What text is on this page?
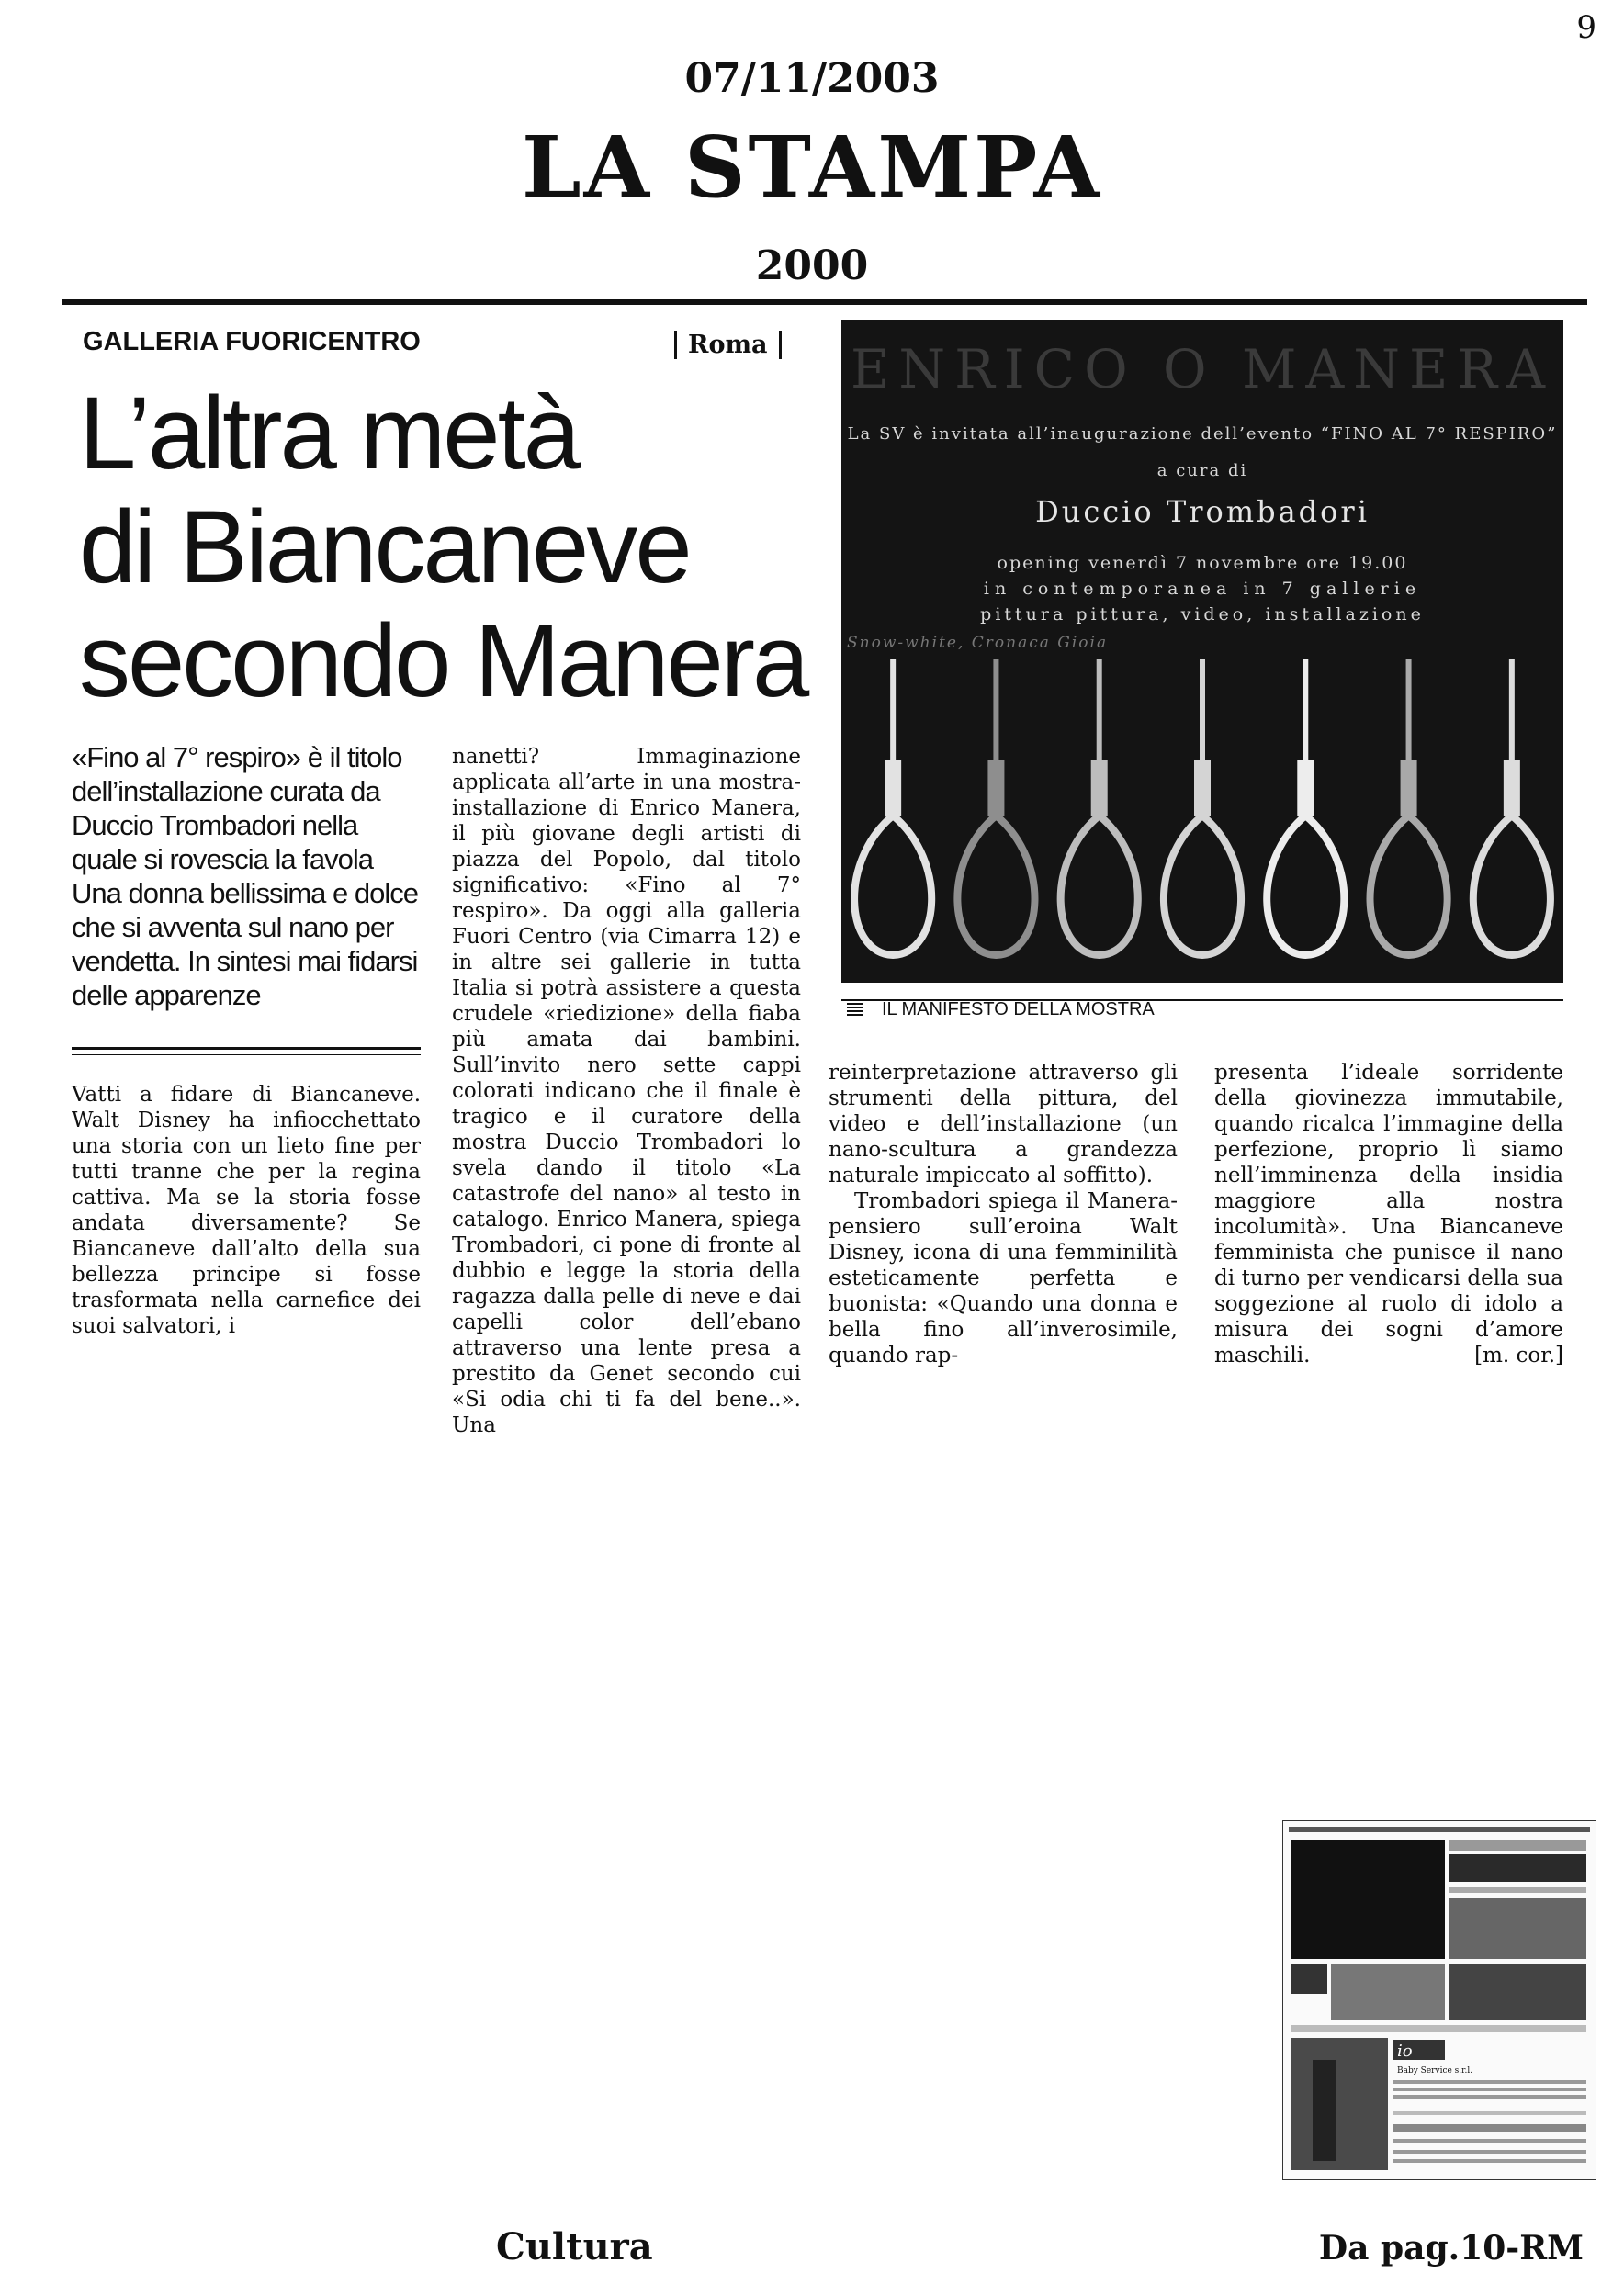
9
07/11/2003
LA STAMPA
2000
GALLERIA FUORICENTRO	Roma
L’altra metà
di Biancaneve
secondo Manera
«Fino al 7° respiro» è il titolo dell’installazione curata da Duccio Trombadori nella quale si rovescia la favola Una donna bellissima e dolce che si avventa sul nano per vendetta. In sintesi mai fidarsi delle apparenze

Vatti a fidare di Biancaneve. Walt Disney ha infiocchettato una storia con un lieto fine per tutti tranne che per la regina cattiva. Ma se la storia fosse andata diversamente? Se Biancaneve dall’alto della sua bellezza principe si fosse trasformata nella carnefice dei suoi salvatori, i

nanetti? Immaginazione applicata all’arte in una mostra-installazione di Enrico Manera, il più giovane degli artisti di piazza del Popolo, dal titolo significativo: «Fino al 7° respiro». Da oggi alla galleria Fuori Centro (via Cimarra 12) e in altre sei gallerie in tutta Italia si potrà assistere a questa crudele «riedizione» della fiaba più amata dai bambini. Sull’invito nero sette cappi colorati indicano che il finale è tragico e il curatore della mostra Duccio Trombadori lo svela dando il titolo «La catastrofe del nano» al testo in catalogo. Enrico Manera, spiega Trombadori, ci pone di fronte al dubbio e legge la storia della ragazza dalla pelle di neve e dai capelli color dell’ebano attraverso una lente presa a prestito da Genet secondo cui «Si odia chi ti fa del bene..». Una

reinterpretazione attraverso gli strumenti della pittura, del video e dell’installazione (un nano-scultura a grandezza naturale impiccato al soffitto).

Trombadori spiega il Manera-pensiero sull’eroina Walt Disney, icona di una femminilità esteticamente perfetta e buonista: «Quando una donna e bella fino all’inverosimile, quando rap-

presenta l’ideale sorridente della giovinezza immutabile, quando ricalca l’immagine della perfezione, proprio lì siamo nell’imminenza della insidia maggiore alla nostra incolumità». Una Biancaneve femminista che punisce il nano di turno per vendicarsi della sua soggezione al ruolo di idolo a misura dei sogni d’amore maschili.	[m. cor.]

ENRICO O MANERA
La SV è invitata all’inaugurazione dell’evento “FINO AL 7° RESPIRO”
a cura di
Duccio Trombadori
opening venerdì 7 novembre ore 19.00
in contemporanea in 7 gallerie
pittura pittura, video, installazione
Snow-white, Cronaca Gioia
IL MANIFESTO DELLA MOSTRA
io
Baby Service s.r.l.
Cultura	Da pag.10-RM
